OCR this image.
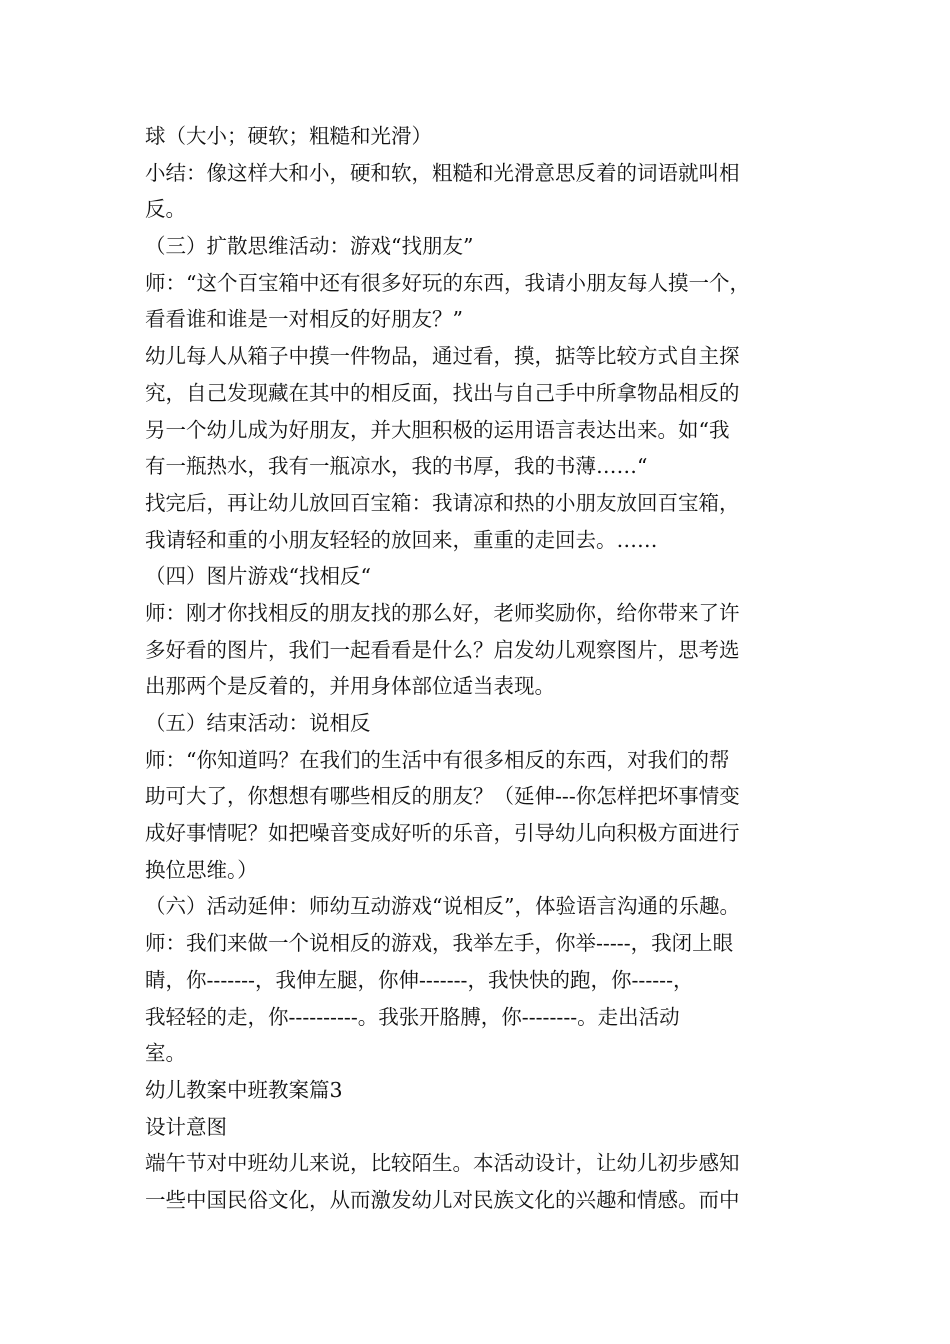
球（大小；硬软；粗糙和光滑）

小结：像这样大和小，硬和软，粗糙和光滑意思反着的词语就叫相

反。

（三）扩散思维活动：游戏“找朋友”

师：“这个百宝箱中还有很多好玩的东西，我请小朋友每人摸一个，

看看谁和谁是一对相反的好朋友？”

幼儿每人从箱子中摸一件物品，通过看，摸，掂等比较方式自主探

究，自己发现藏在其中的相反面，找出与自己手中所拿物品相反的

另一个幼儿成为好朋友，并大胆积极的运用语言表达出来。如“我

有一瓶热水，我有一瓶凉水，我的书厚，我的书薄……“

找完后，再让幼儿放回百宝箱：我请凉和热的小朋友放回百宝箱，

我请轻和重的小朋友轻轻的放回来，重重的走回去。……

（四）图片游戏“找相反“

师：刚才你找相反的朋友找的那么好，老师奖励你，给你带来了许

多好看的图片，我们一起看看是什么？启发幼儿观察图片，思考选

出那两个是反着的，并用身体部位适当表现。

（五）结束活动：说相反

师：“你知道吗？在我们的生活中有很多相反的东西，对我们的帮

助可大了，你想想有哪些相反的朋友？（延伸---你怎样把坏事情变

成好事情呢？如把噪音变成好听的乐音，引导幼儿向积极方面进行

换位思维。）

（六）活动延伸：师幼互动游戏“说相反”，体验语言沟通的乐趣。

师：我们来做一个说相反的游戏，我举左手，你举-----，我闭上眼

睛，你-------，我伸左腿，你伸-------，我快快的跑，你------，

我轻轻的走，你----------。我张开胳膊，你--------。走出活动

室。

幼儿教案中班教案篇3

设计意图

端午节对中班幼儿来说，比较陌生。本活动设计，让幼儿初步感知

一些中国民俗文化，从而激发幼儿对民族文化的兴趣和情感。而中
